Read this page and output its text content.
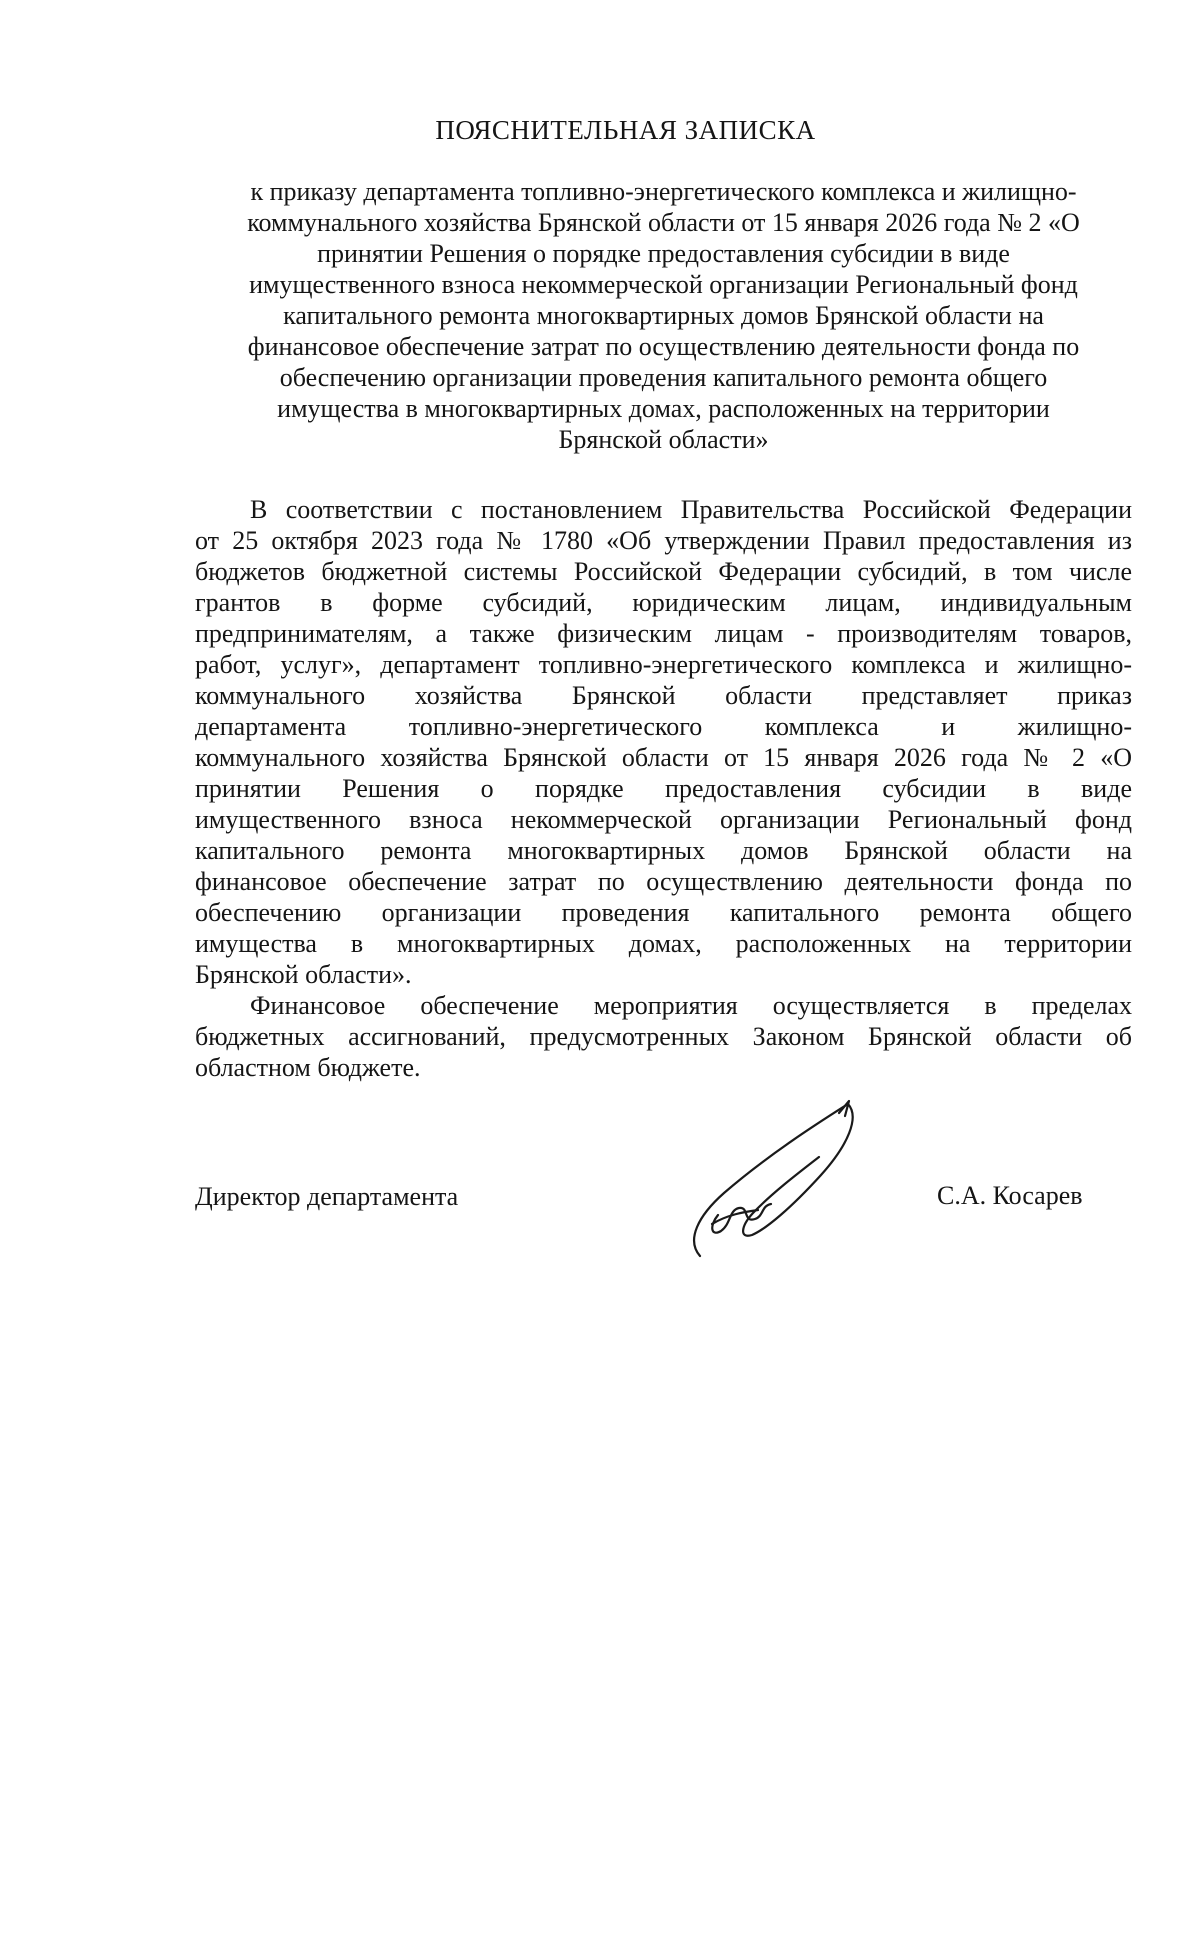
ПОЯСНИТЕЛЬНАЯ ЗАПИСКА
к приказу департамента топливно-энергетического комплекса и жилищно-
коммунального хозяйства Брянской области от 15 января 2026 года № 2 «О
принятии Решения о порядке предоставления субсидии в виде
имущественного взноса некоммерческой организации Региональный фонд
капитального ремонта многоквартирных домов Брянской области на
финансовое обеспечение затрат по осуществлению деятельности фонда по
обеспечению организации проведения капитального ремонта общего
имущества в многоквартирных домах, расположенных на территории
Брянской области»
В соответствии с постановлением Правительства Российской Федерации
от 25 октября 2023 года № 1780 «Об утверждении Правил предоставления из
бюджетов бюджетной системы Российской Федерации субсидий, в том числе
грантов в форме субсидий, юридическим лицам, индивидуальным
предпринимателям, а также физическим лицам - производителям товаров,
работ, услуг», департамент топливно-энергетического комплекса и жилищно-
коммунального хозяйства Брянской области представляет приказ
департамента топливно-энергетического комплекса и жилищно-
коммунального хозяйства Брянской области от 15 января 2026 года № 2 «О
принятии Решения о порядке предоставления субсидии в виде
имущественного взноса некоммерческой организации Региональный фонд
капитального ремонта многоквартирных домов Брянской области на
финансовое обеспечение затрат по осуществлению деятельности фонда по
обеспечению организации проведения капитального ремонта общего
имущества в многоквартирных домах, расположенных на территории
Брянской области».
Финансовое обеспечение мероприятия осуществляется в пределах
бюджетных ассигнований, предусмотренных Законом Брянской области об
областном бюджете.
Директор департамента	С.А. Косарев
